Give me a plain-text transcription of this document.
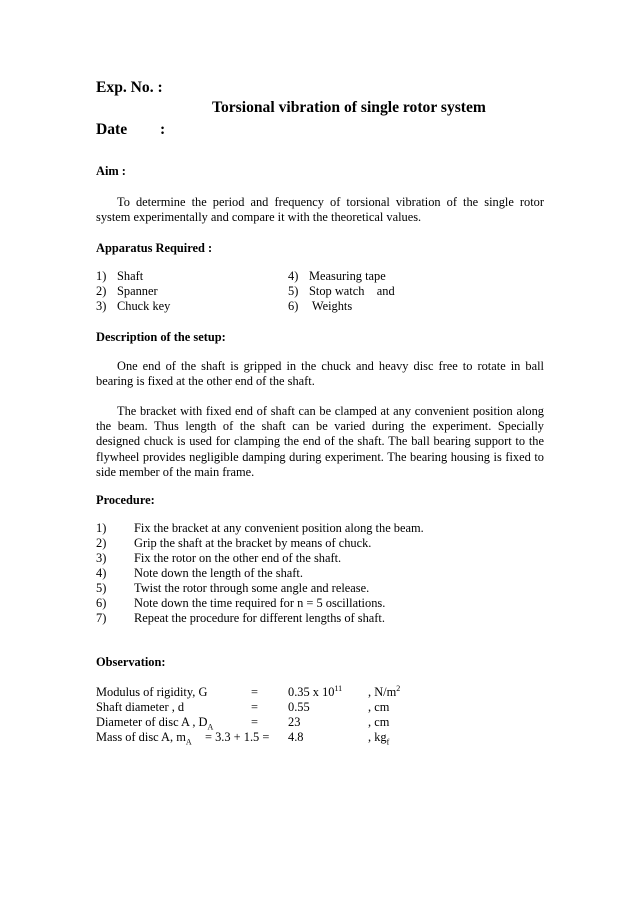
Exp. No. :
Torsional vibration of single rotor system
Date :
Aim :
To determine the period and frequency of torsional vibration of the single rotor system experimentally and compare it with the theoretical values.
Apparatus Required :
1) Shaft
2) Spanner
3) Chuck key
4) Measuring tape
5) Stop watch    and
6) Weights
Description of the setup:
One end of the shaft is gripped in the chuck and heavy disc free to rotate in ball bearing is fixed at the other end of the shaft.
The bracket with fixed end of shaft can be clamped at any convenient position along the beam. Thus length of the shaft can be varied during the experiment. Specially designed chuck is used for clamping the end of the shaft. The ball bearing support to the flywheel provides negligible damping during experiment. The bearing housing is fixed to side member of the main frame.
Procedure:
1) Fix the bracket at any convenient position along the beam.
2) Grip the shaft at the bracket by means of chuck.
3) Fix the rotor on the other end of the shaft.
4) Note down the length of the shaft.
5) Twist the rotor through some angle and release.
6) Note down the time required for n = 5 oscillations.
7) Repeat the procedure for different lengths of shaft.
Observation:
Modulus of rigidity, G	= 0.35 x $10^{11}$ , $N/m^2$
Shaft diameter , d	= 0.55	, cm
Diameter of disc A , $D_A$	= 23	, cm
Mass of disc A, $m_A = 3.3 + 1.5 = 4.8$	, $kg_f$
